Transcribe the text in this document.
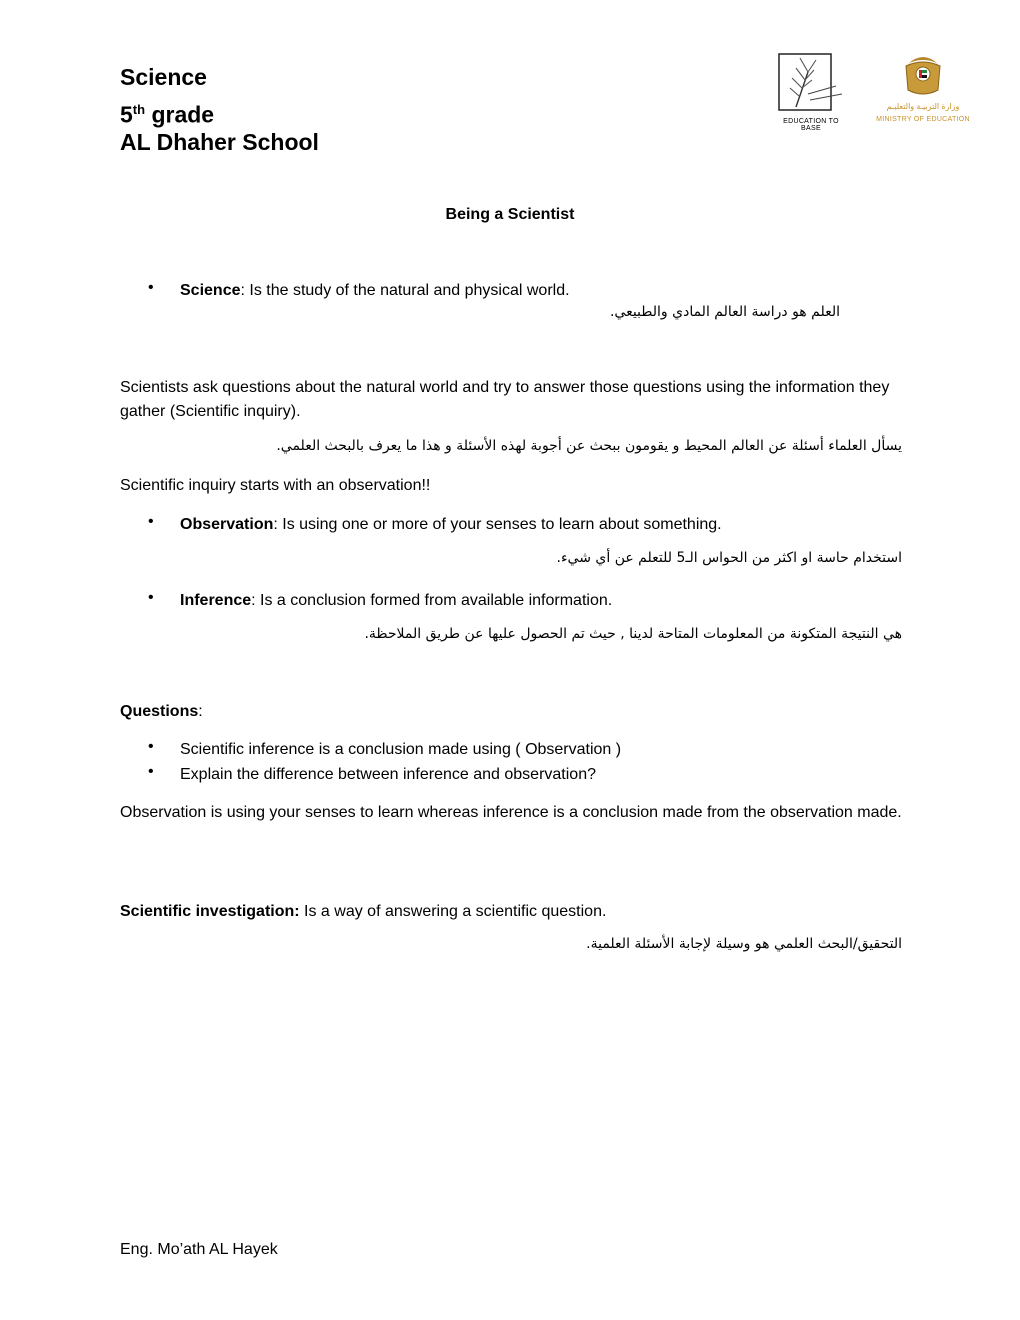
Science
5th grade
AL Dhaher School
EDUCATION TO BASE
وزارة التربيـة والتعليـم
MINISTRY OF EDUCATION
Being a Scientist
• Science: Is the study of the natural and physical world.
العلم هو دراسة العالم المادي والطبيعي.
Scientists ask questions about the natural world and try to answer those questions using the information they gather (Scientific inquiry).
يسأل العلماء أسئلة عن العالم المحيط و يقومون ببحث عن أجوبة لهذه الأسئلة و هذا ما يعرف بالبحث العلمي.
Scientific inquiry starts with an observation!!
• Observation: Is using one or more of your senses to learn about something.
استخدام حاسة او اكثر من الحواس الـ5 للتعلم عن أي شيء.
• Inference: Is a conclusion formed from available information.
هي النتيجة المتكونة من المعلومات المتاحة لدينا , حيث تم الحصول عليها عن طريق الملاحظة.
Questions:
• Scientific inference is a conclusion made using ( Observation )
• Explain the difference between inference and observation?
Observation is using your senses to learn whereas inference is a conclusion made from the observation made.
Scientific investigation: Is a way of answering a scientific question.
التحقيق/البحث العلمي هو وسيلة لإجابة الأسئلة العلمية.
Eng. Mo’ath AL Hayek
